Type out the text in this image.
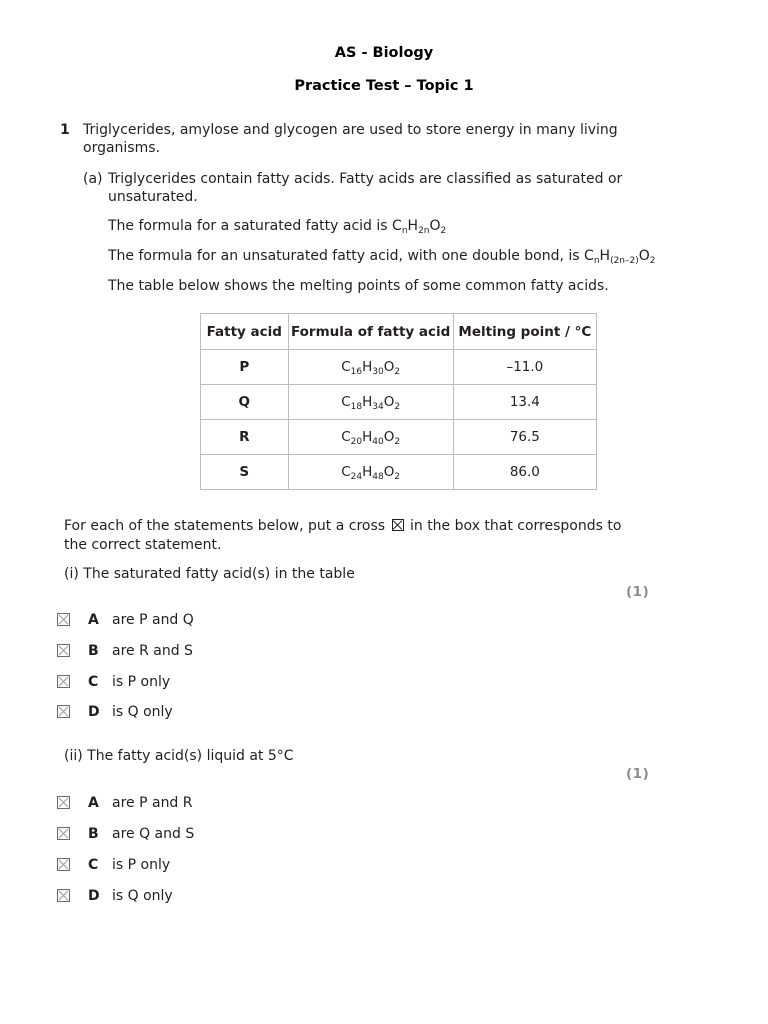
AS - Biology
Practice Test – Topic 1
1 Triglycerides, amylose and glycogen are used to store energy in many living
organisms.
(a) Triglycerides contain fatty acids. Fatty acids are classified as saturated or
unsaturated.
The formula for a saturated fatty acid is $C_nH_{2n}O_2$
The formula for an unsaturated fatty acid, with one double bond, is $C_nH_{(2n-2)}O_2$
The table below shows the melting points of some common fatty acids.
Fatty acid	Formula of fatty acid	Melting point / °C
P	$C_{16}H_{30}O_2$	–11.0
Q	$C_{18}H_{34}O_2$	13.4
R	$C_{20}H_{40}O_2$	76.5
S	$C_{24}H_{48}O_2$	86.0
For each of the statements below, put a cross ☒ in the box that corresponds to
the correct statement.
(i) The saturated fatty acid(s) in the table
(1)
A are P and Q
B are R and S
C is P only
D is Q only
(ii) The fatty acid(s) liquid at 5°C
(1)
A are P and R
B are Q and S
C is P only
D is Q only
